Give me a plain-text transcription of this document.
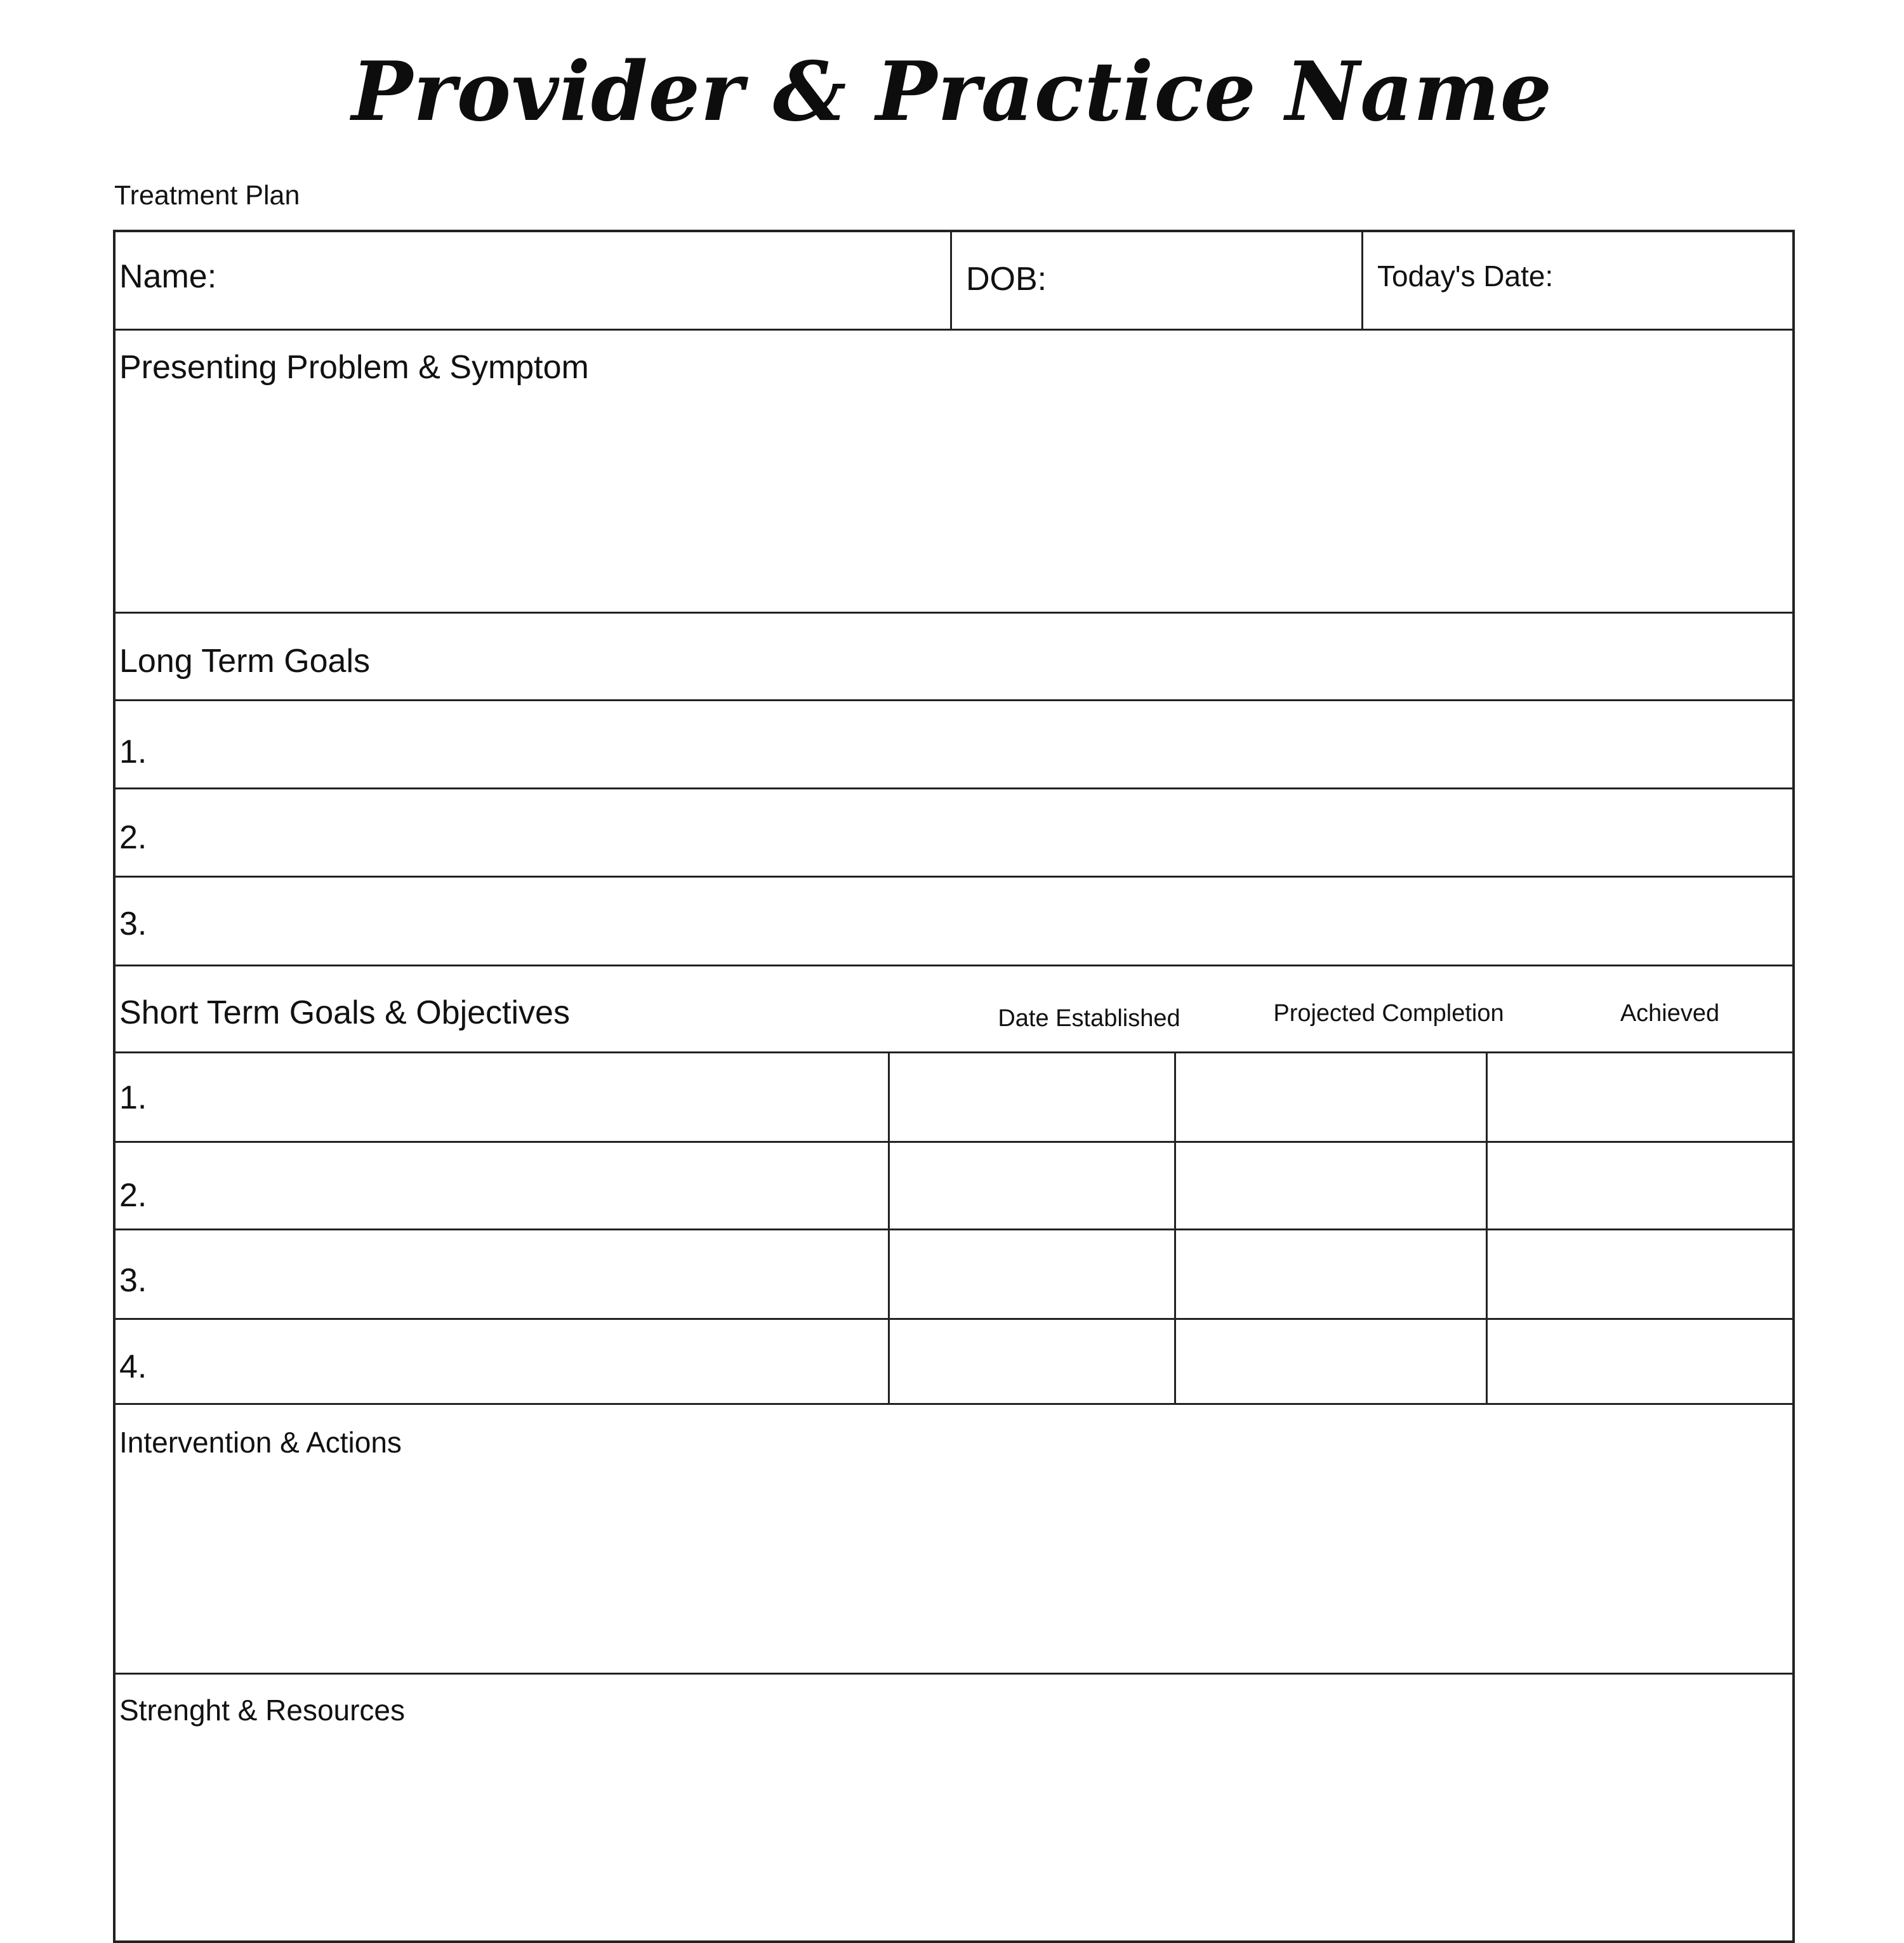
Provider & Practice Name
Treatment Plan
Name:	DOB:	Today's Date:
Presenting Problem & Symptom
Long Term Goals
1.
2.
3.
Short Term Goals & Objectives	Date Established	Projected Completion	Achieved
1.
2.
3.
4.
Intervention & Actions
Strenght & Resources
